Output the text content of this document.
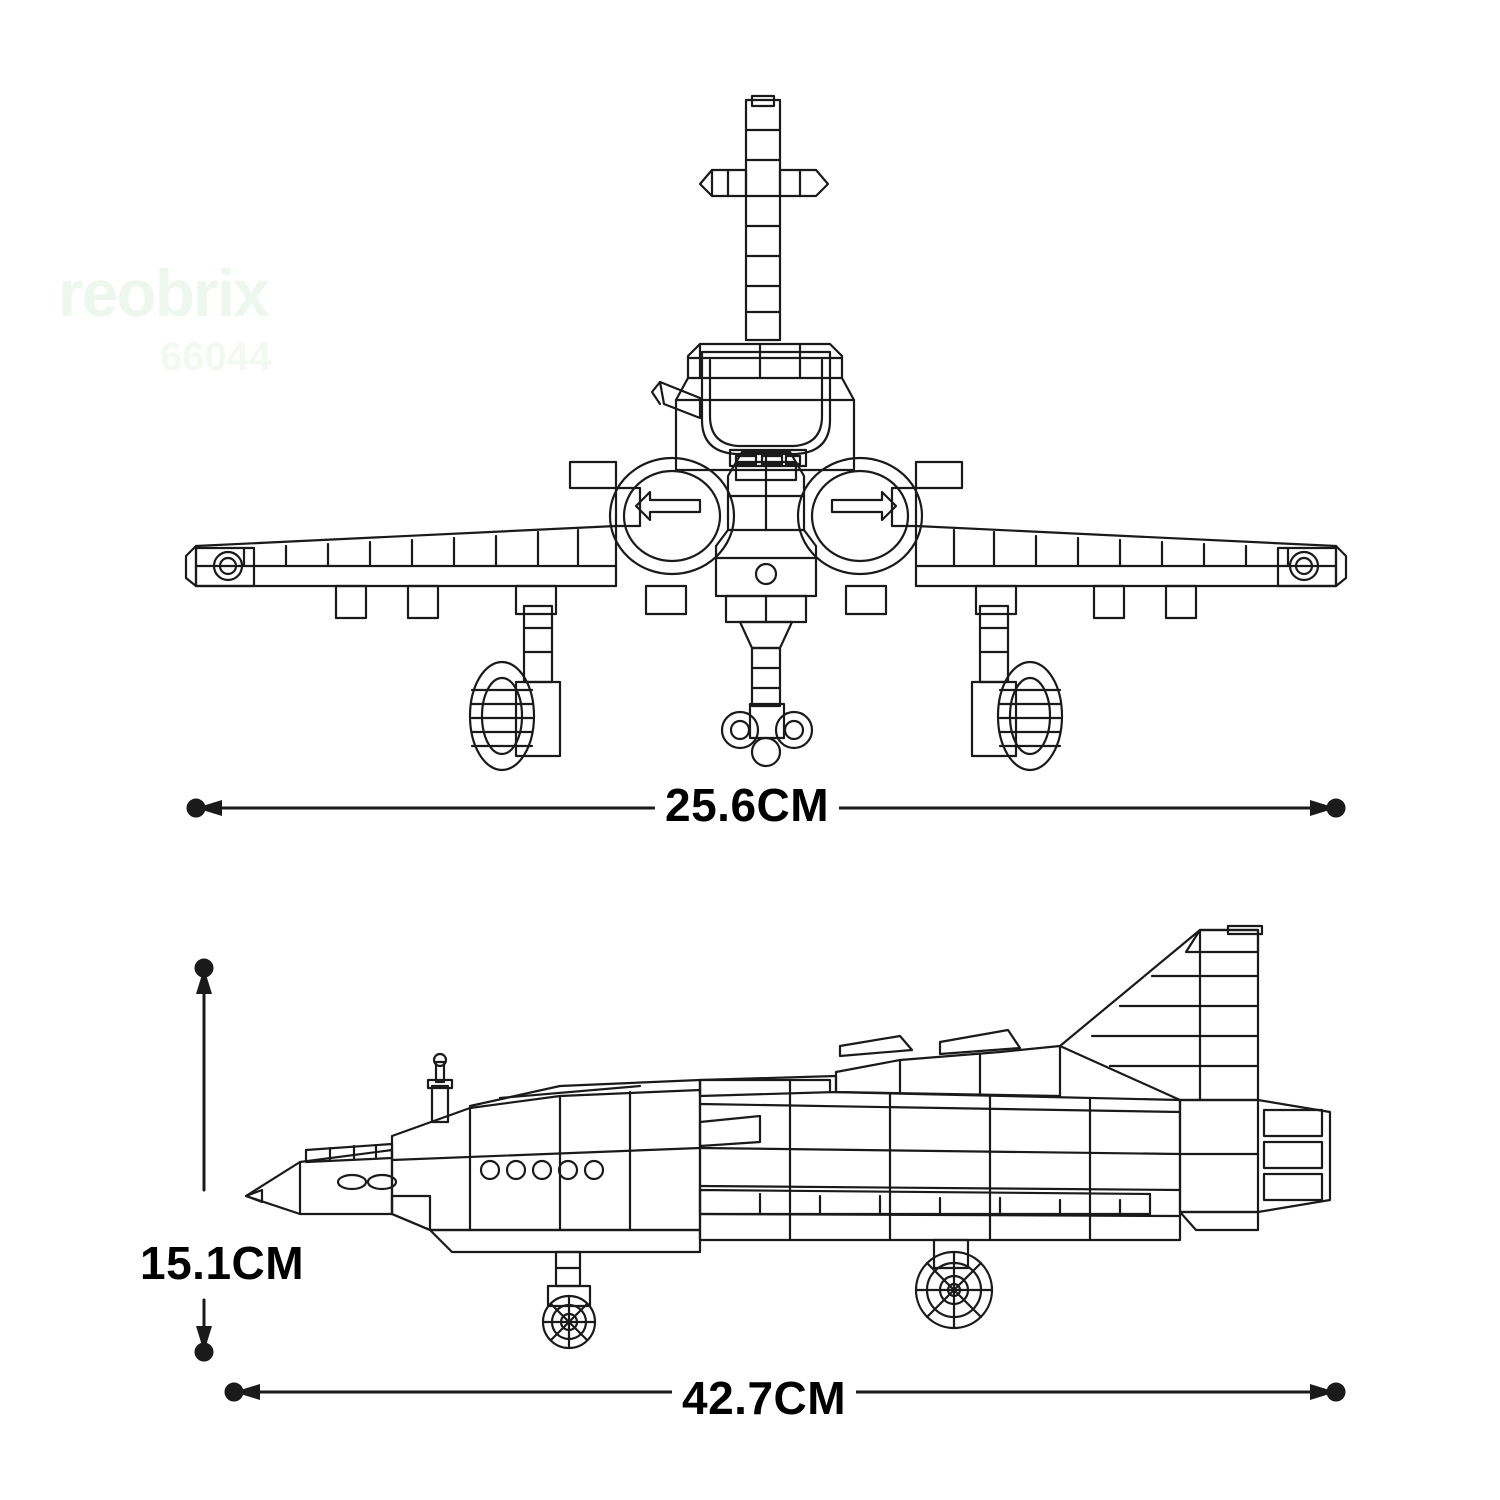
reobrix
66044
25.6CM
15.1CM
42.7CM
